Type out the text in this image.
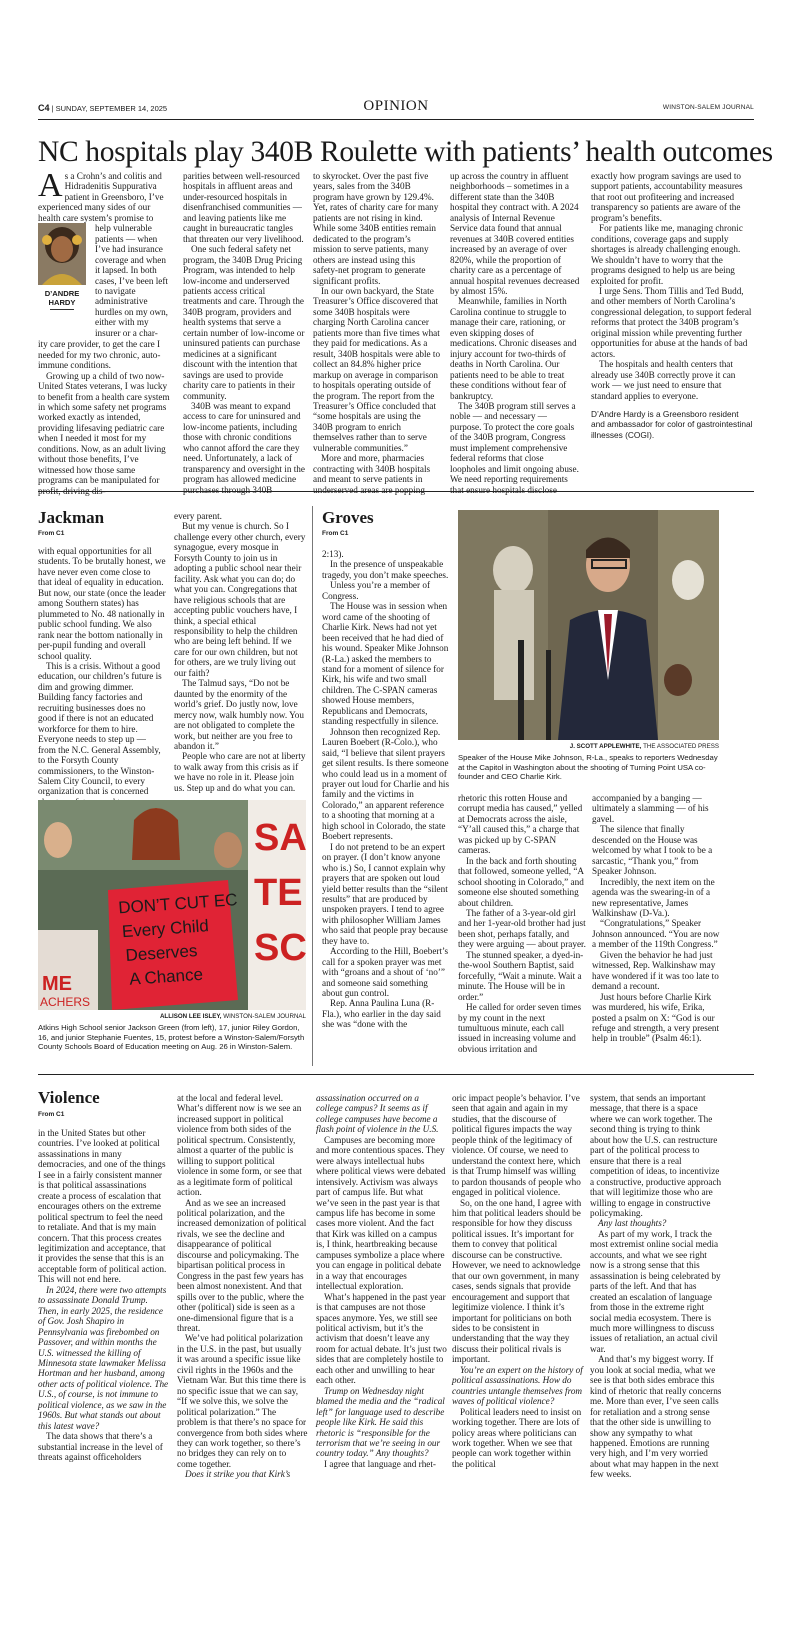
C4 | SUNDAY, SEPTEMBER 14, 2025	OPINION	WINSTON-SALEM JOURNAL
NC hospitals play 340B Roulette with patients’ health outcomes

As a Crohn’s and colitis and Hidradenitis Suppurativa patient in Greensboro, I’ve experienced many sides of our health care system’s promise to

D’ANDRE
HARDY
help vulnerable patients — when I’ve had insurance coverage and when it lapsed. In both cases, I’ve been left to navigate administrative hurdles on my own, either with my insurer or a char-

ity care provider, to get the care I needed for my two chronic, auto-immune conditions.

Growing up a child of two now-United States veterans, I was lucky to benefit from a health care system in which some safety net programs worked exactly as intended, providing lifesaving pediatric care when I needed it most for my conditions. Now, as an adult living without those benefits, I’ve witnessed how those same programs can be manipulated for profit, driving dis-

parities between well-resourced hospitals in affluent areas and under-resourced hospitals in disenfranchised communities — and leaving patients like me caught in bureaucratic tangles that threaten our very livelihood.

One such federal safety net program, the 340B Drug Pricing Program, was intended to help low-income and underserved patients access critical treatments and care. Through the 340B program, providers and health systems that serve a certain number of low-income or uninsured patients can purchase medicines at a significant discount with the intention that savings are used to provide charity care to patients in their community.

340B was meant to expand access to care for uninsured and low-income patients, including those with chronic conditions who cannot afford the care they need. Unfortunately, a lack of transparency and oversight in the program has allowed medicine purchases through 340B

to skyrocket. Over the past five years, sales from the 340B program have grown by 129.4%. Yet, rates of charity care for many patients are not rising in kind. While some 340B entities remain dedicated to the program’s mission to serve patients, many others are instead using this safety-net program to generate significant profits.

In our own backyard, the State Treasurer’s Office discovered that some 340B hospitals were charging North Carolina cancer patients more than five times what they paid for medications. As a result, 340B hospitals were able to collect an 84.8% higher price markup on average in comparison to hospitals operating outside of the program. The report from the Treasurer’s Office concluded that “some hospitals are using the 340B program to enrich themselves rather than to serve vulnerable communities.”

More and more, pharmacies contracting with 340B hospitals and meant to serve patients in underserved areas are popping

up across the country in affluent neighborhoods – sometimes in a different state than the 340B hospital they contract with. A 2024 analysis of Internal Revenue Service data found that annual revenues at 340B covered entities increased by an average of over 820%, while the proportion of charity care as a percentage of annual hospital revenues decreased by almost 15%.

Meanwhile, families in North Carolina continue to struggle to manage their care, rationing, or even skipping doses of medications. Chronic diseases and injury account for two-thirds of deaths in North Carolina. Our patients need to be able to treat these conditions without fear of bankruptcy.

The 340B program still serves a noble — and necessary — purpose. To protect the core goals of the 340B program, Congress must implement comprehensive federal reforms that close loopholes and limit ongoing abuse. We need reporting requirements that ensure hospitals disclose

exactly how program savings are used to support patients, accountability measures that root out profiteering and increased transparency so patients are aware of the program’s benefits.

For patients like me, managing chronic conditions, coverage gaps and supply shortages is already challenging enough. We shouldn’t have to worry that the programs designed to help us are being exploited for profit.

I urge Sens. Thom Tillis and Ted Budd, and other members of North Carolina’s congressional delegation, to support federal reforms that protect the 340B program’s original mission while preventing further opportunities for abuse at the hands of bad actors.

The hospitals and health centers that already use 340B correctly prove it can work — we just need to ensure that standard applies to everyone.

D’Andre Hardy is a Greensboro resident and ambassador for color of gastrointestinal illnesses (COGI).

Jackman
From C1

with equal opportunities for all students. To be brutally honest, we have never even come close to that ideal of equality in education. But now, our state (once the leader among Southern states) has plummeted to No. 48 nationally in public school funding. We also rank near the bottom nationally in per-pupil funding and overall school quality.

This is a crisis. Without a good education, our children’s future is dim and growing dimmer. Building fancy factories and recruiting businesses does no good if there is not an educated workforce for them to hire. Everyone needs to step up — from the N.C. General Assembly, to the Forsyth County commissioners, to the Winston-Salem City Council, to every organization that is concerned

every parent.

But my venue is church. So I challenge every other church, every synagogue, every mosque in Forsyth County to join us in adopting a public school near their facility. Ask what you can do; do what you can. Congregations that have religious schools that are accepting public vouchers have, I think, a special ethical responsibility to help the children who are being left behind. If we care for our own children, but not for others, are we truly living out our faith?

The Talmud says, “Do not be daunted by the enormity of the world’s grief. Do justly now, love mercy now, walk humbly now. You are not obligated to complete the work, but neither are you free to abandon it.”

People who care are not at liberty to walk away from this crisis as if we have no role in it. Please join us. Step up and do what you can.

ME
ACHERS
DON’T CUT ECEvery ChildDeservesA Chance
SA TE SC
ALLISON LEE ISLEY, WINSTON-SALEM JOURNAL
Atkins High School senior Jackson Green (from left), 17, junior Riley Gordon, 16, and junior Stephanie Fuentes, 15, protest before a Winston-Salem/Forsyth County Schools Board of Education meeting on Aug. 26 in Winston-Salem.
Groves
From C1

2:13).

In the presence of unspeakable tragedy, you don’t make speeches.

Unless you’re a member of Congress.

The House was in session when word came of the shooting of Charlie Kirk. News had not yet been received that he had died of his wound. Speaker Mike Johnson (R-La.) asked the members to stand for a moment of silence for Kirk, his wife and two small children. The C-SPAN cameras showed House members, Republicans and Democrats, standing respectfully in silence.

Johnson then recognized Rep. Lauren Boebert (R-Colo.), who said, “I believe that silent prayers get silent results. Is there someone who could lead us in a moment of prayer out loud for Charlie and his family and the victims in Colorado,” an apparent reference to a shooting that morning at a high school in Colorado, the state Boebert represents.

I do not pretend to be an expert on prayer. (I don’t know anyone who is.) So, I cannot explain why prayers that are spoken out loud yield better results than the “silent results” that are produced by unspoken prayers. I tend to agree with philosopher William James who said that people pray because they have to.

According to the Hill, Boebert’s call for a spoken prayer was met with “groans and a shout of ‘no’” and someone said something about gun control.

Rep. Anna Paulina Luna (R-Fla.), who earlier in the day said she was “done with the

J. SCOTT APPLEWHITE, THE ASSOCIATED PRESS
Speaker of the House Mike Johnson, R-La., speaks to reporters Wednesday at the Capitol in Washington about the shooting of Turning Point USA co-founder and CEO Charlie Kirk.

rhetoric this rotten House and corrupt media has caused,” yelled at Democrats across the aisle, “Y’all caused this,” a charge that was picked up by C-SPAN cameras.

In the back and forth shouting that followed, someone yelled, “A school shooting in Colorado,” and someone else shouted something about children.

The father of a 3-year-old girl and her 1-year-old brother had just been shot, perhaps fatally, and they were arguing — about prayer.

The stunned speaker, a dyed-in-the-wool Southern Baptist, said forcefully, “Wait a minute. Wait a minute. The House will be in order.”

He called for order seven times by my count in the next tumultuous minute, each call issued in increasing volume and obvious irritation and

accompanied by a banging — ultimately a slamming — of his gavel.

The silence that finally descended on the House was welcomed by what I took to be a sarcastic, “Thank you,” from Speaker Johnson.

Incredibly, the next item on the agenda was the swearing-in of a new representative, James Walkinshaw (D-Va.).

“Congratulations,” Speaker Johnson announced. “You are now a member of the 119th Congress.”

Given the behavior he had just witnessed, Rep. Walkinshaw may have wondered if it was too late to demand a recount.

Just hours before Charlie Kirk was murdered, his wife, Erika, posted a psalm on X: “God is our refuge and strength, a very present help in trouble” (Psalm 46:1).

Violence
From C1

in the United States but other countries. I’ve looked at political assassinations in many democracies, and one of the things I see in a fairly consistent manner is that political assassinations create a process of escalation that encourages others on the extreme political spectrum to feel the need to retaliate. And that is my main concern. That this process creates legitimization and acceptance, that it provides the sense that this is an acceptable form of political action. This will not end here.

In 2024, there were two attempts to assassinate Donald Trump. Then, in early 2025, the residence of Gov. Josh Shapiro in Pennsylvania was firebombed on Passover, and within months the U.S. witnessed the killing of Minnesota state lawmaker Melissa Hortman and her husband, among other acts of political violence. The U.S., of course, is not immune to political violence, as we saw in the 1960s. But what stands out about this latest wave?

The data shows that there’s a substantial increase in the level of threats against officeholders

at the local and federal level. What’s different now is we see an increased support in political violence from both sides of the political spectrum. Consistently, almost a quarter of the public is willing to support political violence in some form, or see that as a legitimate form of political action.

And as we see an increased political polarization, and the increased demonization of political rivals, we see the decline and disappearance of political discourse and policymaking. The bipartisan political process in Congress in the past few years has been almost nonexistent. And that spills over to the public, where the other (political) side is seen as a one-dimensional figure that is a threat.

We’ve had political polarization in the U.S. in the past, but usually it was around a specific issue like civil rights in the 1960s and the Vietnam War. But this time there is no specific issue that we can say, “If we solve this, we solve the political polarization.” The problem is that there’s no space for convergence from both sides where they can work together, so there’s no bridges they can rely on to come together.

Does it strike you that Kirk’s

assassination occurred on a college campus? It seems as if college campuses have become a flash point of violence in the U.S.

Campuses are becoming more and more contentious spaces. They were always intellectual hubs where political views were debated intensively. Activism was always part of campus life. But what we’ve seen in the past year is that campus life has become in some cases more violent. And the fact that Kirk was killed on a campus is, I think, heartbreaking because campuses symbolize a place where you can engage in political debate in a way that encourages intellectual exploration.

What’s happened in the past year is that campuses are not those spaces anymore. Yes, we still see political activism, but it’s the activism that doesn’t leave any room for actual debate. It’s just two sides that are completely hostile to each other and unwilling to hear each other.

Trump on Wednesday night blamed the media and the “radical left” for language used to describe people like Kirk. He said this rhetoric is “responsible for the terrorism that we’re seeing in our country today.” Any thoughts?

I agree that language and rhet-

oric impact people’s behavior. I’ve seen that again and again in my studies, that the discourse of political figures impacts the way people think of the legitimacy of violence. Of course, we need to understand the context here, which is that Trump himself was willing to pardon thousands of people who engaged in political violence.

So, on the one hand, I agree with him that political leaders should be responsible for how they discuss political issues. It’s important for them to convey that political discourse can be constructive. However, we need to acknowledge that our own government, in many cases, sends signals that provide encouragement and support that legitimize violence. I think it’s important for politicians on both sides to be consistent in understanding that the way they discuss their political rivals is important.

You’re an expert on the history of political assassinations. How do countries untangle themselves from waves of political violence?

Political leaders need to insist on working together. There are lots of policy areas where politicians can work together. When we see that people can work together within the political

system, that sends an important message, that there is a space where we can work together. The second thing is trying to think about how the U.S. can restructure part of the political process to ensure that there is a real competition of ideas, to incentivize a constructive, productive approach that will legitimize those who are willing to engage in constructive policymaking.

Any last thoughts?

As part of my work, I track the most extremist online social media accounts, and what we see right now is a strong sense that this assassination is being celebrated by parts of the left. And that has created an escalation of language from those in the extreme right social media ecosystem. There is much more willingness to discuss issues of retaliation, an actual civil war.

And that’s my biggest worry. If you look at social media, what we see is that both sides embrace this kind of rhetoric that really concerns me. More than ever, I’ve seen calls for retaliation and a strong sense that the other side is unwilling to show any sympathy to what happened. Emotions are running very high, and I’m very worried about what may happen in the next few weeks.
